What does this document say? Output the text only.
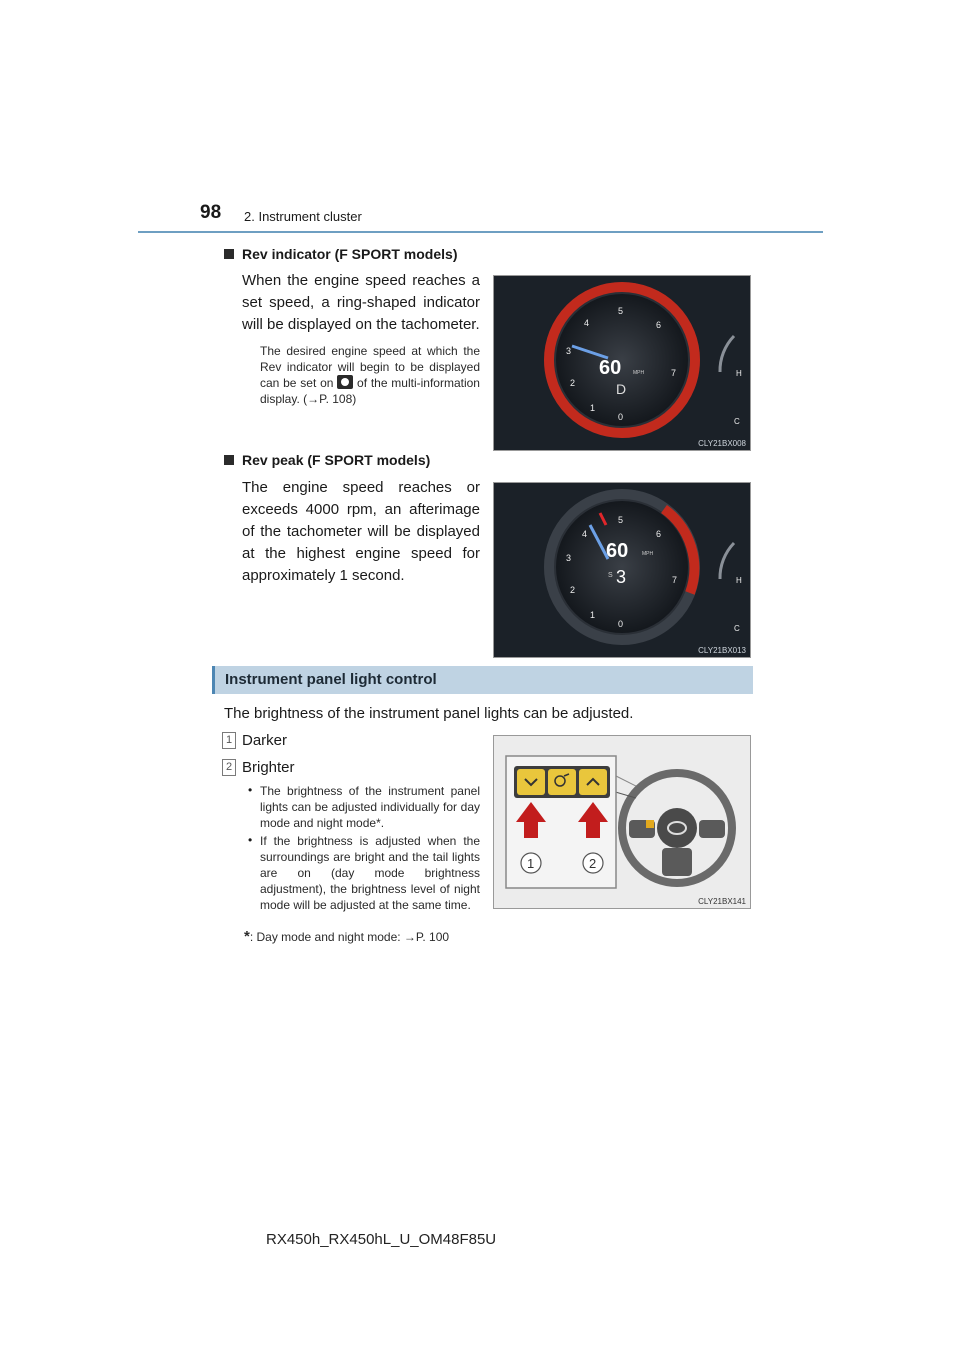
98 2. Instrument cluster
Rev indicator (F SPORT models)
When the engine speed reaches a set speed, a ring-shaped indicator will be displayed on the tachometer.
The desired engine speed at which the Rev indicator will begin to be displayed can be set on of the multi-information display. (→P. 108)
60 MPH
D
0
1
2
3
4
5
6
7	H
C
CLY21BX008
Rev peak (F SPORT models)
The engine speed reaches or exceeds 4000 rpm, an afterimage of the tachometer will be displayed at the highest engine speed for approximately 1 second.
60	MPH
S 3
0
1
2
3
4
5
6
7	H
C
CLY21BX013
Instrument panel light control
The brightness of the instrument panel lights can be adjusted.
1 Darker
2 Brighter
• The brightness of the instrument panel lights can be adjusted individually for day mode and night mode*.
• If the brightness is adjusted when the surroundings are bright and the tail lights are on (day mode brightness adjustment), the brightness level of night mode will be adjusted at the same time.
*: Day mode and night mode: →P. 100
1	2
CLY21BX141
RX450h_RX450hL_U_OM48F85U
